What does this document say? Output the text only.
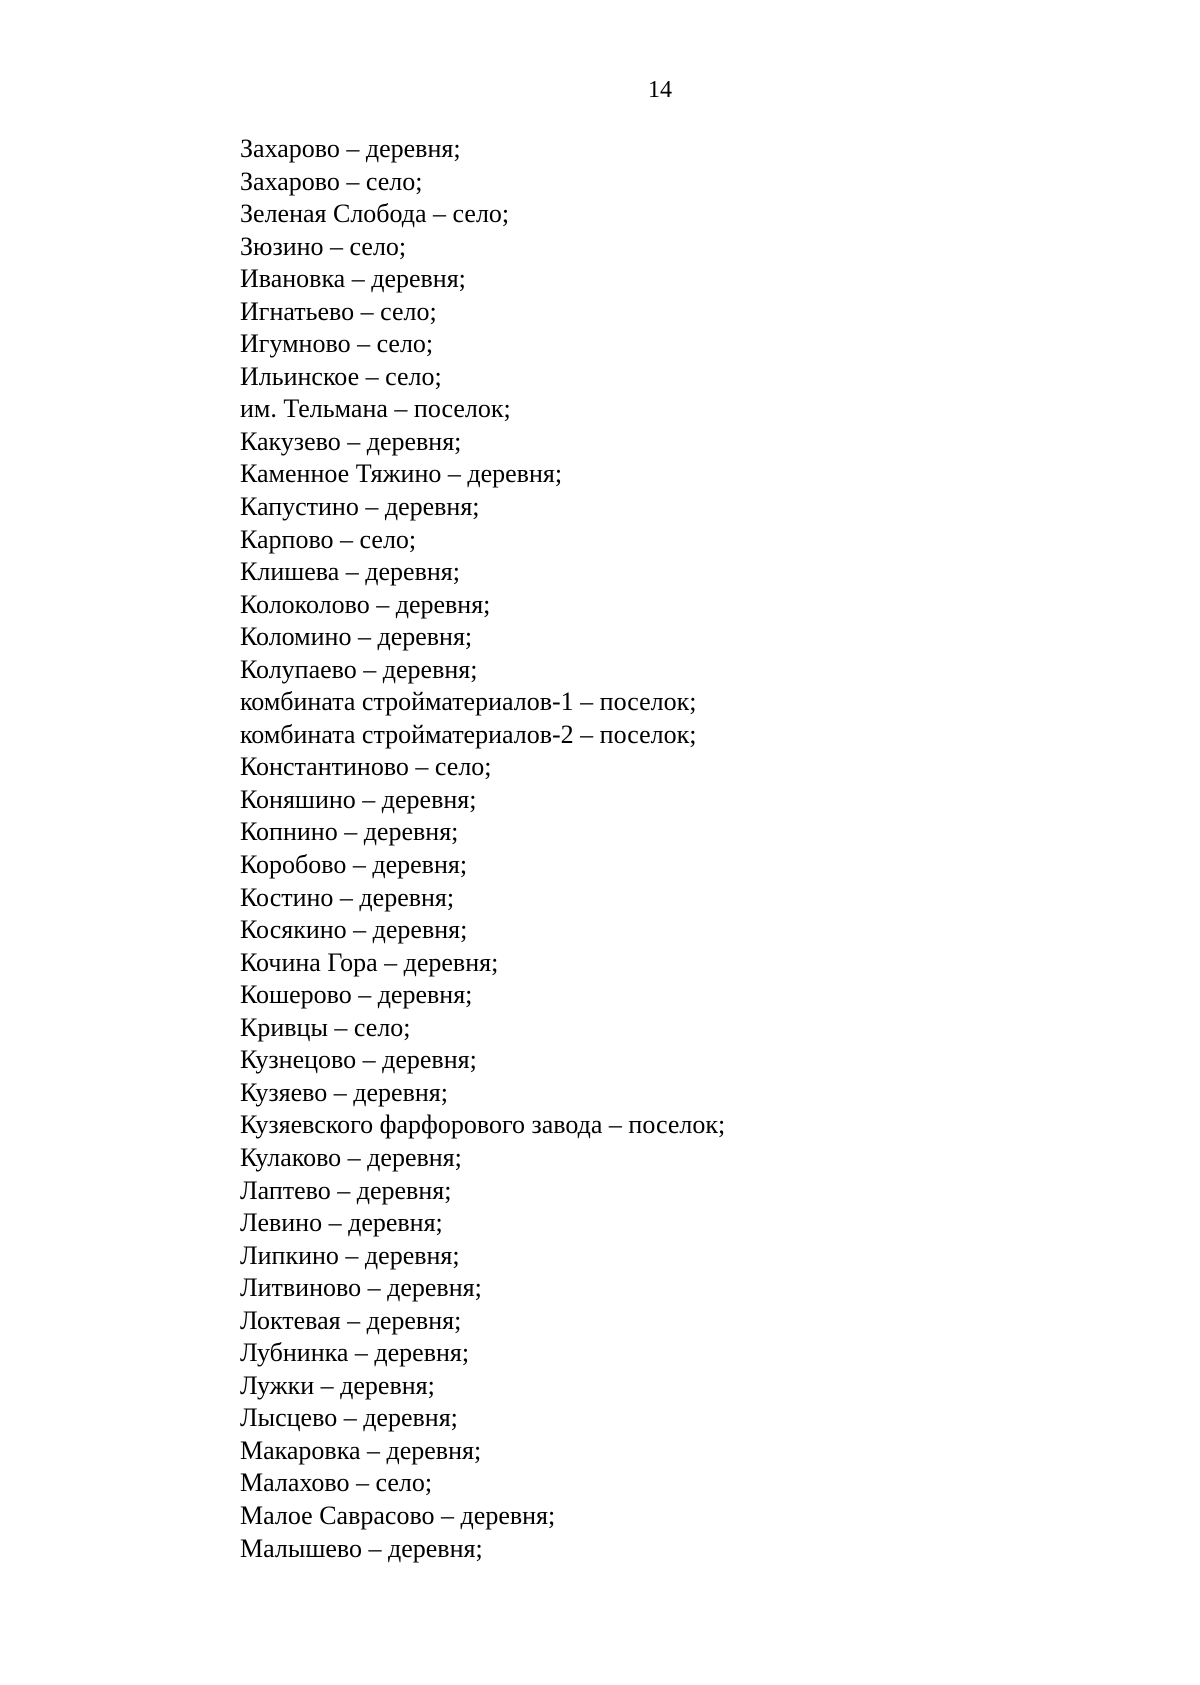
14
Захарово – деревня;
Захарово – село;
Зеленая Слобода – село;
Зюзино – село;
Ивановка – деревня;
Игнатьево – село;
Игумново – село;
Ильинское – село;
им. Тельмана – поселок;
Какузево – деревня;
Каменное Тяжино – деревня;
Капустино – деревня;
Карпово – село;
Клишева – деревня;
Колоколово – деревня;
Коломино – деревня;
Колупаево – деревня;
комбината стройматериалов-1 – поселок;
комбината стройматериалов-2 – поселок;
Константиново – село;
Коняшино – деревня;
Копнино – деревня;
Коробово – деревня;
Костино – деревня;
Косякино – деревня;
Кочина Гора – деревня;
Кошерово – деревня;
Кривцы – село;
Кузнецово – деревня;
Кузяево – деревня;
Кузяевского фарфорового завода – поселок;
Кулаково – деревня;
Лаптево – деревня;
Левино – деревня;
Липкино – деревня;
Литвиново – деревня;
Локтевая – деревня;
Лубнинка – деревня;
Лужки – деревня;
Лысцево – деревня;
Макаровка – деревня;
Малахово – село;
Малое Саврасово – деревня;
Малышево – деревня;
